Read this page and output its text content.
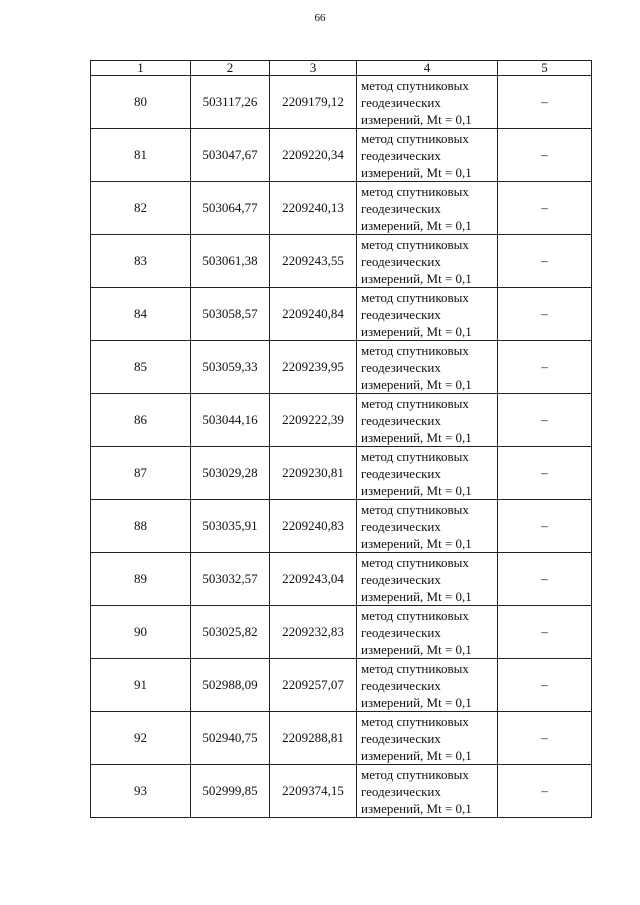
66
1	2	3	4	5
80	503117,26	2209179,12	метод спутниковых
геодезических
измерений, Mt = 0,1	–
81	503047,67	2209220,34	метод спутниковых
геодезических
измерений, Mt = 0,1	–
82	503064,77	2209240,13	метод спутниковых
геодезических
измерений, Mt = 0,1	–
83	503061,38	2209243,55	метод спутниковых
геодезических
измерений, Mt = 0,1	–
84	503058,57	2209240,84	метод спутниковых
геодезических
измерений, Mt = 0,1	–
85	503059,33	2209239,95	метод спутниковых
геодезических
измерений, Mt = 0,1	–
86	503044,16	2209222,39	метод спутниковых
геодезических
измерений, Mt = 0,1	–
87	503029,28	2209230,81	метод спутниковых
геодезических
измерений, Mt = 0,1	–
88	503035,91	2209240,83	метод спутниковых
геодезических
измерений, Mt = 0,1	–
89	503032,57	2209243,04	метод спутниковых
геодезических
измерений, Mt = 0,1	–
90	503025,82	2209232,83	метод спутниковых
геодезических
измерений, Mt = 0,1	–
91	502988,09	2209257,07	метод спутниковых
геодезических
измерений, Mt = 0,1	–
92	502940,75	2209288,81	метод спутниковых
геодезических
измерений, Mt = 0,1	–
93	502999,85	2209374,15	метод спутниковых
геодезических
измерений, Mt = 0,1	–
